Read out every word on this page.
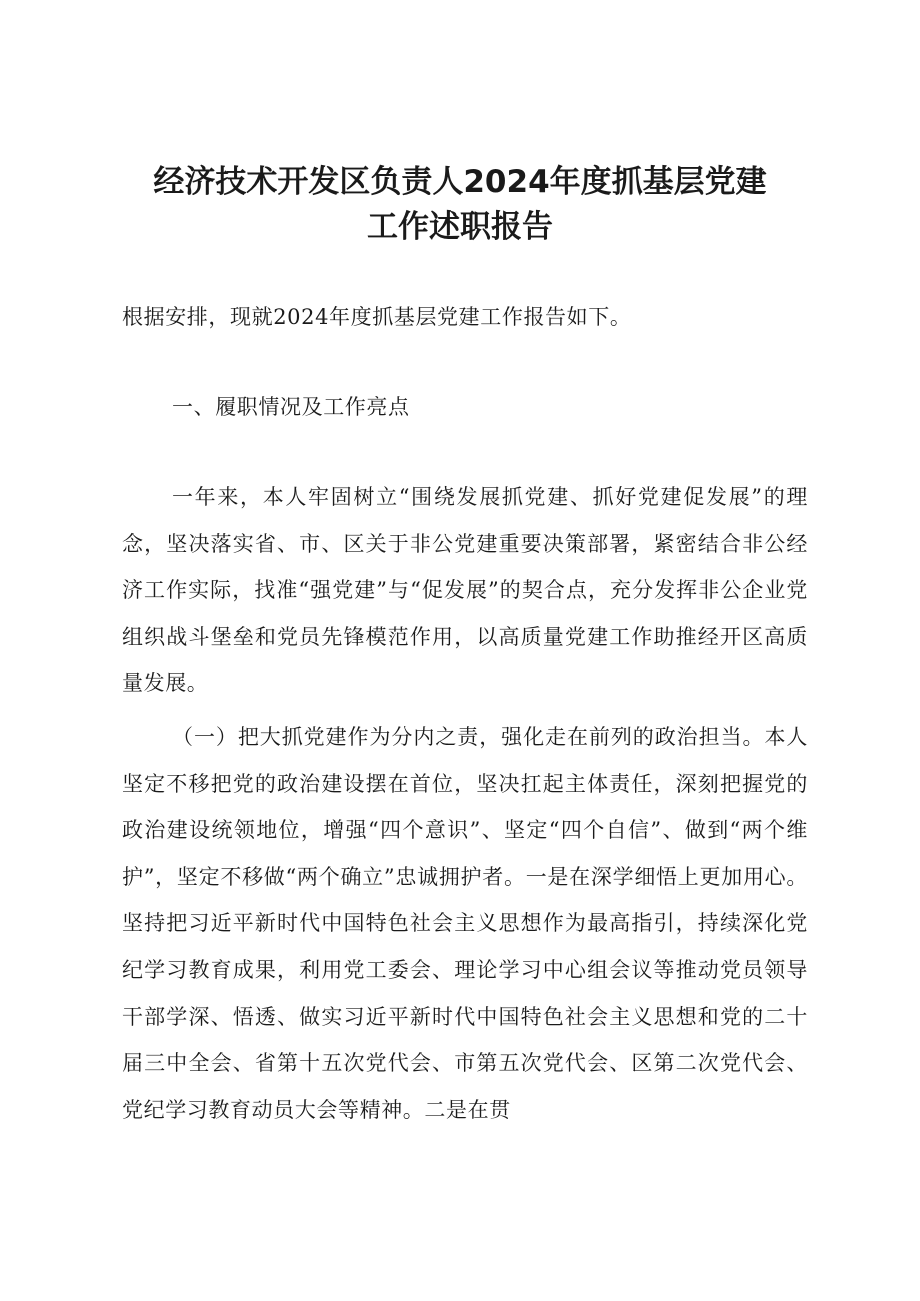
经济技术开发区负责人2024年度抓基层党建
工作述职报告

根据安排，现就2024年度抓基层党建工作报告如下。

一、履职情况及工作亮点

一年来，本人牢固树立“围绕发展抓党建、抓好党建促发展”的理念，坚决落实省、市、区关于非公党建重要决策部署，紧密结合非公经济工作实际，找准“强党建”与“促发展”的契合点，充分发挥非公企业党组织战斗堡垒和党员先锋模范作用，以高质量党建工作助推经开区高质量发展。

（一）把大抓党建作为分内之责，强化走在前列的政治担当。本人坚定不移把党的政治建设摆在首位，坚决扛起主体责任，深刻把握党的政治建设统领地位，增强“四个意识”、坚定“四个自信”、做到“两个维护”，坚定不移做“两个确立”忠诚拥护者。一是在深学细悟上更加用心。坚持把习近平新时代中国特色社会主义思想作为最高指引，持续深化党纪学习教育成果，利用党工委会、理论学习中心组会议等推动党员领导干部学深、悟透、做实习近平新时代中国特色社会主义思想和党的二十届三中全会、省第十五次党代会、市第五次党代会、区第二次党代会、党纪学习教育动员大会等精神。二是在贯
